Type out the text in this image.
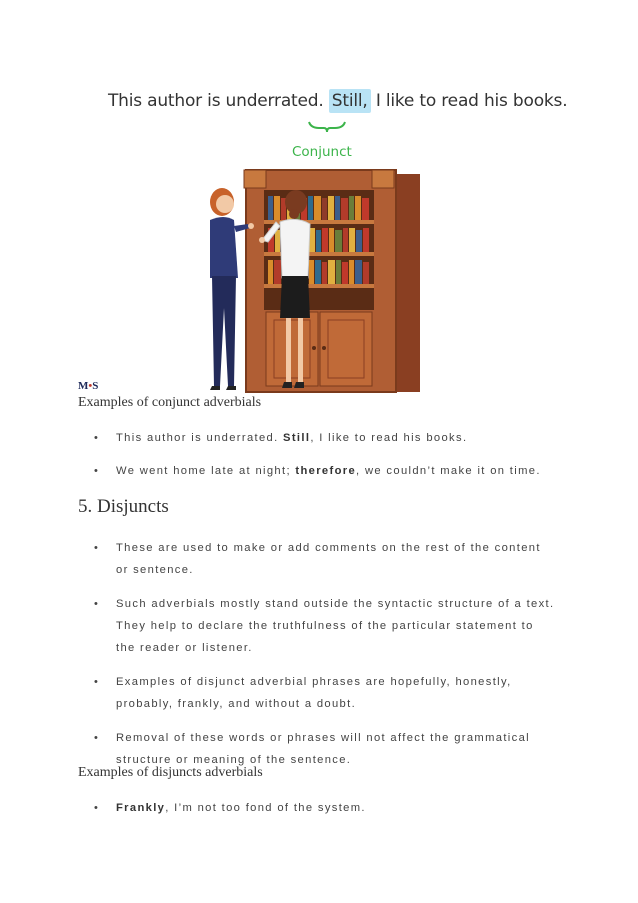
This author is underrated. Still, I like to read his books.
Conjunct
M•S
Examples of conjunct adverbials
• This author is underrated. Still, I like to read his books.
• We went home late at night; therefore, we couldn’t make it on time.
5. Disjuncts
• These are used to make or add comments on the rest of the content or sentence.
• Such adverbials mostly stand outside the syntactic structure of a text. They help to declare the truthfulness of the particular statement to the reader or listener.
• Examples of disjunct adverbial phrases are hopefully, honestly, probably, frankly, and without a doubt.
• Removal of these words or phrases will not affect the grammatical structure or meaning of the sentence.
Examples of disjuncts adverbials
• Frankly, I’m not too fond of the system.
